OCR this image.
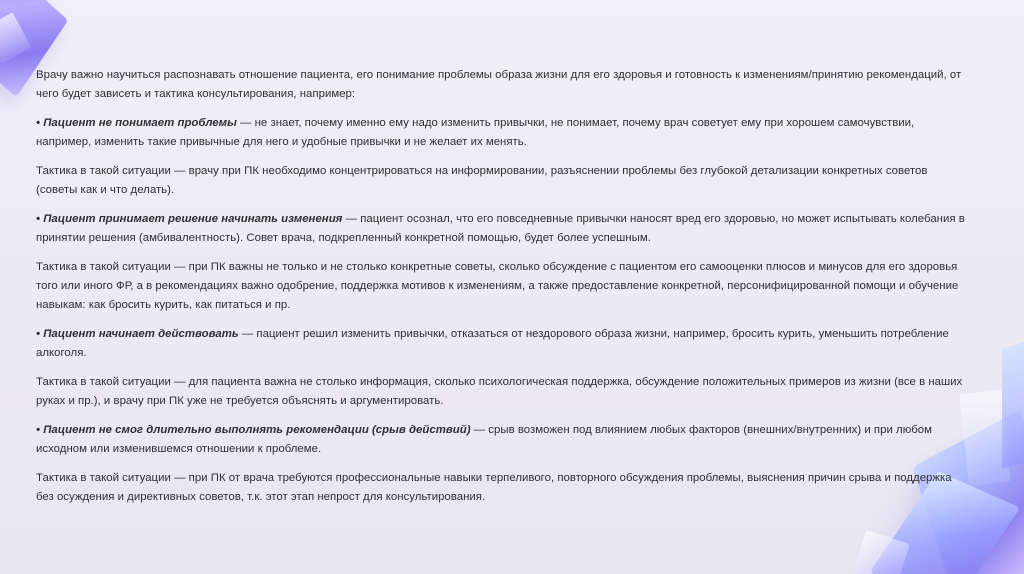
Врачу важно научиться распознавать отношение пациента, его понимание проблемы образа жизни для его здоровья и готовность к изменениям/принятию рекомендаций, от чего будет зависеть и тактика консультирования, например:

• Пациент не понимает проблемы — не знает, почему именно ему надо изменить привычки, не понимает, почему врач советует ему при хорошем самочувствии, например, изменить такие привычные для него и удобные привычки и не желает их менять.

Тактика в такой ситуации — врачу при ПК необходимо концентрироваться на информировании, разъяснении проблемы без глубокой детализации конкретных советов (советы как и что делать).

• Пациент принимает решение начинать изменения — пациент осознал, что его повседневные привычки наносят вред его здоровью, но может испытывать колебания в принятии решения (амбивалентность). Совет врача, подкрепленный конкретной помощью, будет более успешным.

Тактика в такой ситуации — при ПК важны не только и не столько конкретные советы, сколько обсуждение с пациентом его самооценки плюсов и минусов для его здоровья того или иного ФР, а в рекомендациях важно одобрение, поддержка мотивов к изменениям, а также предоставление конкретной, персонифицированной помощи и обучение навыкам: как бросить курить, как питаться и пр.

• Пациент начинает действовать — пациент решил изменить привычки, отказаться от нездорового образа жизни, например, бросить курить, уменьшить потребление алкоголя.

Тактика в такой ситуации — для пациента важна не столько информация, сколько психологическая поддержка, обсуждение положительных примеров из жизни (все в наших руках и пр.), и врачу при ПК уже не требуется объяснять и аргументировать.

• Пациент не смог длительно выполнять рекомендации (срыв действий) — срыв возможен под влиянием любых факторов (внешних/внутренних) и при любом исходном или изменившемся отношении к проблеме.

Тактика в такой ситуации — при ПК от врача требуются профессиональные навыки терпеливого, повторного обсуждения проблемы, выяснения причин срыва и поддержка без осуждения и директивных советов, т.к. этот этап непрост для консультирования.
